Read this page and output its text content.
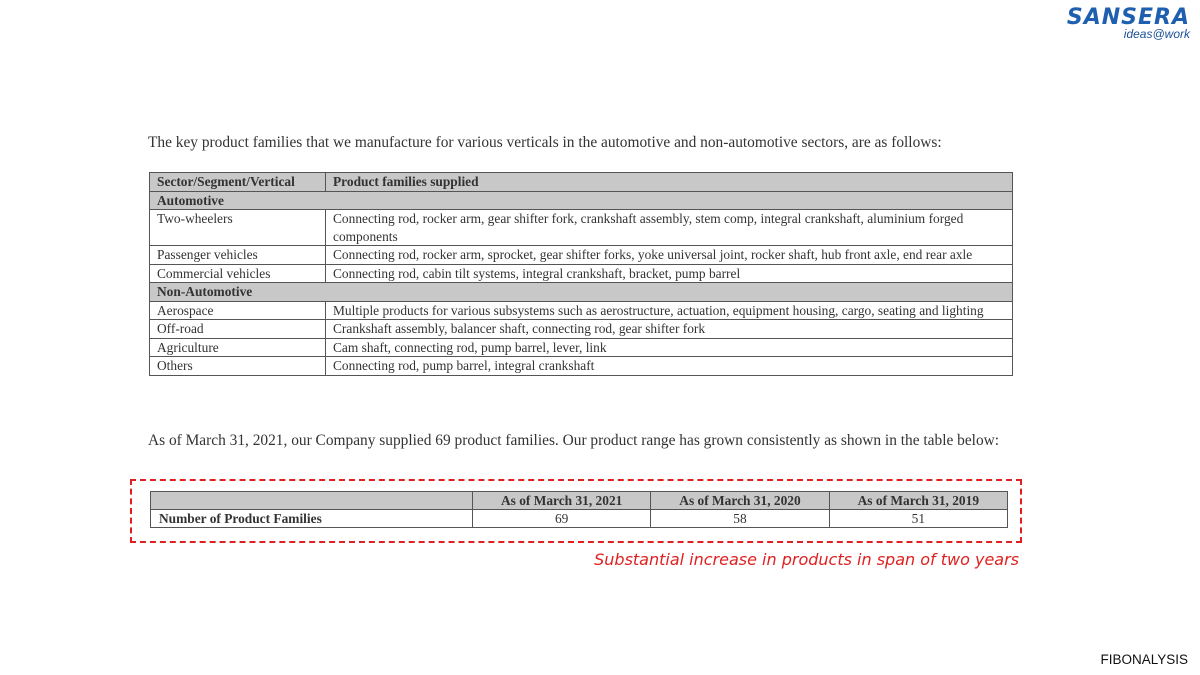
SANSERA
ideas@work
The key product families that we manufacture for various verticals in the automotive and non-automotive sectors, are as follows:
Sector/Segment/Vertical	Product families supplied
Automotive	
Two-wheelers	Connecting rod, rocker arm, gear shifter fork, crankshaft assembly, stem comp, integral crankshaft, aluminium forged components
Passenger vehicles	Connecting rod, rocker arm, sprocket, gear shifter forks, yoke universal joint, rocker shaft, hub front axle, end rear axle
Commercial vehicles	Connecting rod, cabin tilt systems, integral crankshaft, bracket, pump barrel
Non-Automotive	
Aerospace	Multiple products for various subsystems such as aerostructure, actuation, equipment housing, cargo, seating and lighting
Off-road	Crankshaft assembly, balancer shaft, connecting rod, gear shifter fork
Agriculture	Cam shaft, connecting rod, pump barrel, lever, link
Others	Connecting rod, pump barrel, integral crankshaft
As of March 31, 2021, our Company supplied 69 product families. Our product range has grown consistently as shown in the table below:
	As of March 31, 2021	As of March 31, 2020	As of March 31, 2019
Number of Product Families	69	58	51
Substantial increase in products in span of two years
FIBONALYSIS
